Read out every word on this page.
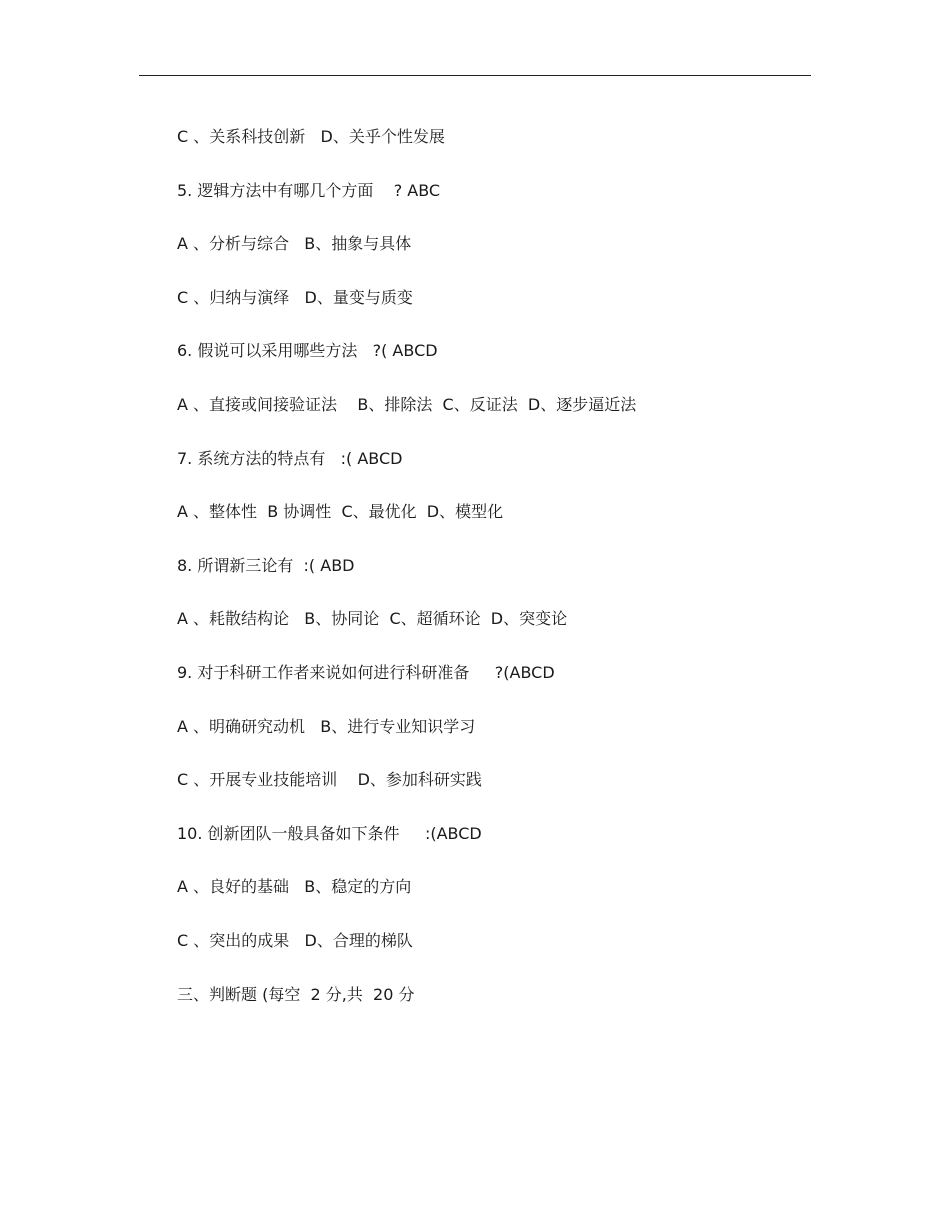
C 、关系科技创新   D、关乎个性发展
5. 逻辑方法中有哪几个方面    ? ABC
A 、分析与综合   B、抽象与具体
C 、归纳与演绎   D、量变与质变
6. 假说可以采用哪些方法   ?( ABCD
A 、直接或间接验证法    B、排除法  C、反证法  D、逐步逼近法
7. 系统方法的特点有   :( ABCD
A 、整体性  B 协调性  C、最优化  D、模型化
8. 所谓新三论有  :( ABD
A 、耗散结构论   B、协同论  C、超循环论  D、突变论
9. 对于科研工作者来说如何进行科研准备     ?(ABCD
A 、明确研究动机   B、进行专业知识学习
C 、开展专业技能培训    D、参加科研实践
10. 创新团队一般具备如下条件     :(ABCD
A 、良好的基础   B、稳定的方向
C 、突出的成果   D、合理的梯队
三、判断题 (每空  2 分,共  20 分
